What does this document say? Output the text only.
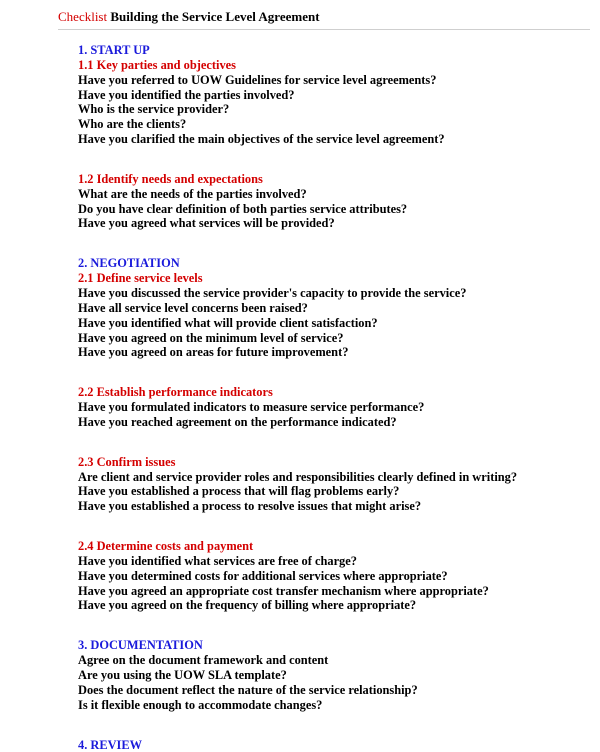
Checklist Building the Service Level Agreement
1. START UP
1.1 Key parties and objectives
Have you referred to UOW Guidelines for service level agreements?
Have you identified the parties involved?
Who is the service provider?
Who are the clients?
Have you clarified the main objectives of the service level agreement?
1.2 Identify needs and expectations
What are the needs of the parties involved?
Do you have clear definition of both parties service attributes?
Have you agreed what services will be provided?
2. NEGOTIATION
2.1 Define service levels
Have you discussed the service provider's capacity to provide the service?
Have all service level concerns been raised?
Have you identified what will provide client satisfaction?
Have you agreed on the minimum level of service?
Have you agreed on areas for future improvement?
2.2 Establish performance indicators
Have you formulated indicators to measure service performance?
Have you reached agreement on the performance indicated?
2.3 Confirm issues
Are client and service provider roles and responsibilities clearly defined in writing?
Have you established a process that will flag problems early?
Have you established a process to resolve issues that might arise?
2.4 Determine costs and payment
Have you identified what services are free of charge?
Have you determined costs for additional services where appropriate?
Have you agreed an appropriate cost transfer mechanism where appropriate?
Have you agreed on the frequency of billing where appropriate?
3. DOCUMENTATION
Agree on the document framework and content
Are you using the UOW SLA template?
Does the document reflect the nature of the service relationship?
Is it flexible enough to accommodate changes?
4. REVIEW
